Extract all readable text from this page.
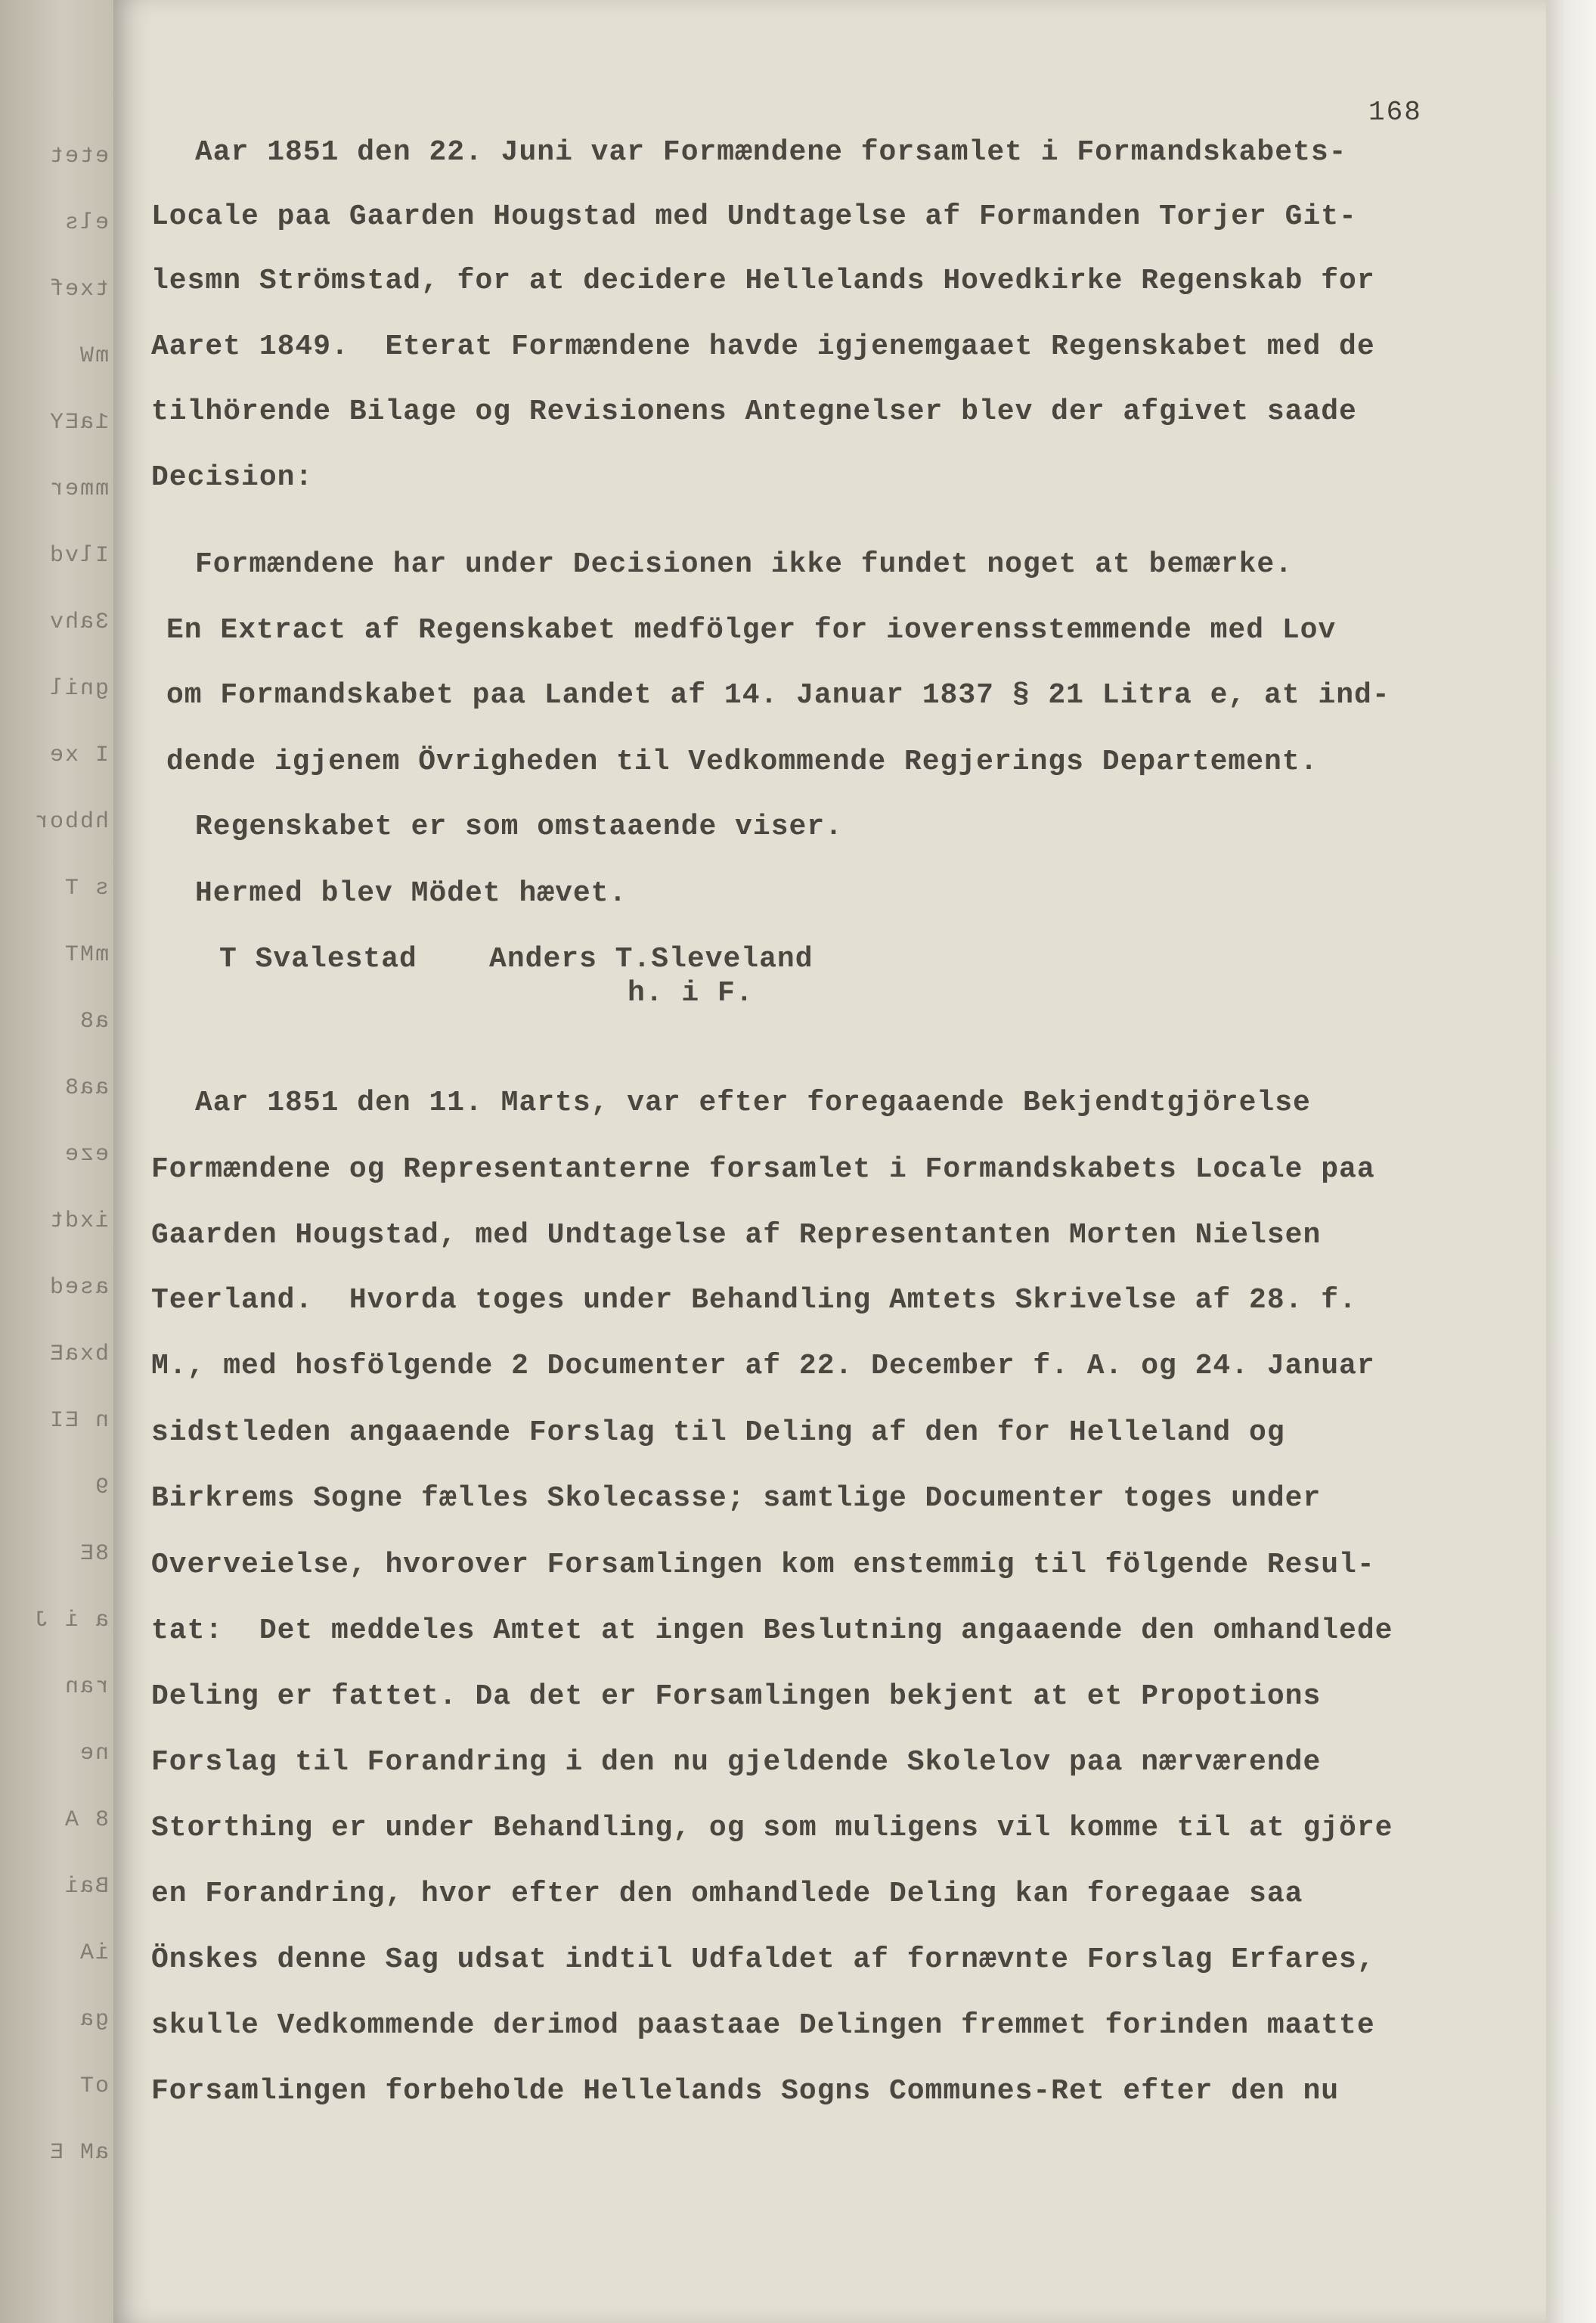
etet
els
txef
mW
1aEY
mmer
Ilvd
3ahv
gnil
I xe
hbbor
s T
mMT
a8
aa8
eze
ixdt
ased
bxaE
n EI
9
8E
a i J
ran
ne
8 A
Bai
iA
ga
oT
aM E
168
Aar 1851 den 22. Juni var Formændene forsamlet i Formandskabets-
Locale paa Gaarden Hougstad med Undtagelse af Formanden Torjer Git-
lesmn Strömstad, for at decidere Hellelands Hovedkirke Regenskab for
Aaret 1849.  Eterat Formændene havde igjenemgaaet Regenskabet med de
tilhörende Bilage og Revisionens Antegnelser blev der afgivet saade
Decision:
Formændene har under Decisionen ikke fundet noget at bemærke.
En Extract af Regenskabet medfölger for ioverensstemmende med Lov
om Formandskabet paa Landet af 14. Januar 1837 § 21 Litra e, at ind-
dende igjenem Övrigheden til Vedkommende Regjerings Departement.
Regenskabet er som omstaaende viser.
Hermed blev Mödet hævet.
T Svalestad    Anders T.Sleveland
h. i F.
Aar 1851 den 11. Marts, var efter foregaaende Bekjendtgjörelse
Formændene og Representanterne forsamlet i Formandskabets Locale paa
Gaarden Hougstad, med Undtagelse af Representanten Morten Nielsen
Teerland.  Hvorda toges under Behandling Amtets Skrivelse af 28. f.
M., med hosfölgende 2 Documenter af 22. December f. A. og 24. Januar
sidstleden angaaende Forslag til Deling af den for Helleland og
Birkrems Sogne fælles Skolecasse; samtlige Documenter toges under
Overveielse, hvorover Forsamlingen kom enstemmig til fölgende Resul-
tat:  Det meddeles Amtet at ingen Beslutning angaaende den omhandlede
Deling er fattet. Da det er Forsamlingen bekjent at et Propotions
Forslag til Forandring i den nu gjeldende Skolelov paa nærværende
Storthing er under Behandling, og som muligens vil komme til at gjöre
en Forandring, hvor efter den omhandlede Deling kan foregaae saa
Önskes denne Sag udsat indtil Udfaldet af fornævnte Forslag Erfares,
skulle Vedkommende derimod paastaae Delingen fremmet forinden maatte
Forsamlingen forbeholde Hellelands Sogns Communes-Ret efter den nu
